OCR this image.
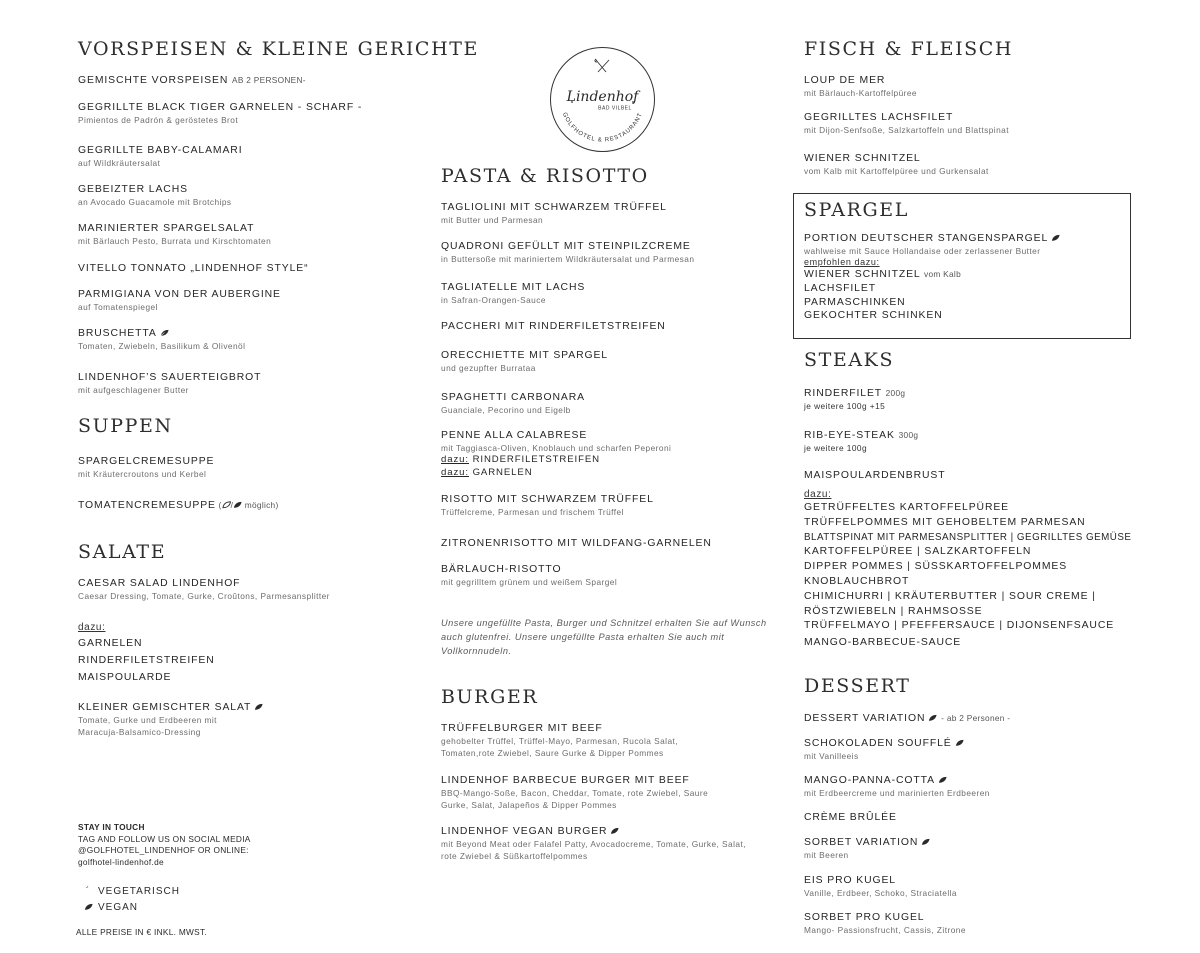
VORSPEISEN & KLEINE GERICHTE
GEMISCHTE VORSPEISEN AB 2 PERSONEN-
GEGRILLTE BLACK TIGER GARNELEN - SCHARF -
Pimientos de Padrón & geröstetes Brot
GEGRILLTE BABY-CALAMARI
auf Wildkräutersalat
GEBEIZTER LACHS
an Avocado Guacamole mit Brotchips
MARINIERTER SPARGELSALAT
mit Bärlauch Pesto, Burrata und Kirschtomaten
VITELLO TONNATO „LINDENHOF STYLE“
PARMIGIANA VON DER AUBERGINE
auf Tomatenspiegel
BRUSCHETTA
Tomaten, Zwiebeln, Basilikum & Olivenöl
LINDENHOF’S SAUERTEIGBROT
mit aufgeschlagener Butter
SUPPEN
SPARGELCREMESUPPE
mit Kräutercroutons und Kerbel
TOMATENCREMESUPPE ( / möglich)
SALATE
CAESAR SALAD LINDENHOF
Caesar Dressing, Tomate, Gurke, Croûtons, Parmesansplitter
dazu:
GARNELEN
RINDERFILETSTREIFEN
MAISPOULARDE
KLEINER GEMISCHTER SALAT
Tomate, Gurke und Erdbeeren mit Maracuja-Balsamico-Dressing
STAY IN TOUCH
TAG AND FOLLOW US ON SOCIAL MEDIA
@GOLFHOTEL_LINDENHOF OR ONLINE:
golfhotel-lindenhof.de
´ VEGETARISCH
VEGAN
ALLE PREISE IN € INKL. MWST.
Lindenhof
BAD VILBEL
GOLFHOTEL & RESTAURANT
PASTA & RISOTTO
TAGLIOLINI MIT SCHWARZEM TRÜFFEL
mit Butter und Parmesan
QUADRONI GEFÜLLT MIT STEINPILZCREME
in Buttersoße mit mariniertem Wildkräutersalat und Parmesan
TAGLIATELLE MIT LACHS
in Safran-Orangen-Sauce
PACCHERI MIT RINDERFILETSTREIFEN
ORECCHIETTE MIT SPARGEL
und gezupfter Burrataa
SPAGHETTI CARBONARA
Guanciale, Pecorino und Eigelb
PENNE ALLA CALABRESE
mit Taggiasca-Oliven, Knoblauch und scharfen Peperoni
dazu: RINDERFILETSTREIFEN
dazu: GARNELEN
RISOTTO MIT SCHWARZEM TRÜFFEL
Trüffelcreme, Parmesan und frischem Trüffel
ZITRONENRISOTTO MIT WILDFANG-GARNELEN
BÄRLAUCH-RISOTTO
mit gegrilltem grünem und weißem Spargel
Unsere ungefüllte Pasta, Burger und Schnitzel erhalten Sie auf Wunsch auch glutenfrei. Unsere ungefüllte Pasta erhalten Sie auch mit Vollkornnudeln.
BURGER
TRÜFFELBURGER MIT BEEF
gehobelter Trüffel, Trüffel-Mayo, Parmesan, Rucola Salat, Tomaten,rote Zwiebel, Saure Gurke & Dipper Pommes
LINDENHOF BARBECUE BURGER MIT BEEF
BBQ-Mango-Soße, Bacon, Cheddar, Tomate, rote Zwiebel, Saure Gurke, Salat, Jalapeños & Dipper Pommes
LINDENHOF VEGAN BURGER
mit Beyond Meat oder Falafel Patty, Avocadocreme, Tomate, Gurke, Salat, rote Zwiebel & Süßkartoffelpommes
FISCH & FLEISCH
LOUP DE MER
mit Bärlauch-Kartoffelpüree
GEGRILLTES LACHSFILET
mit Dijon-Senfsoße, Salzkartoffeln und Blattspinat
WIENER SCHNITZEL
vom Kalb mit Kartoffelpüree und Gurkensalat
SPARGEL
PORTION DEUTSCHER STANGENSPARGEL
wahlweise mit Sauce Hollandaise oder zerlassener Butter
empfohlen dazu:
WIENER SCHNITZEL vom Kalb
LACHSFILET
PARMASCHINKEN
GEKOCHTER SCHINKEN
STEAKS
RINDERFILET 200g
je weitere 100g +15
RIB-EYE-STEAK 300g
je weitere 100g
MAISPOULARDENBRUST
dazu:
GETRÜFFELTES KARTOFFELPÜREE
TRÜFFELPOMMES MIT GEHOBELTEM PARMESAN
BLATTSPINAT MIT PARMESANSPLITTER | GEGRILLTES GEMÜSE
KARTOFFELPÜREE | SALZKARTOFFELN
DIPPER POMMES | SÜSSKARTOFFELPOMMES
KNOBLAUCHBROT
CHIMICHURRI | KRÄUTERBUTTER | SOUR CREME |
RÖSTZWIEBELN | RAHMSOSSE
TRÜFFELMAYO | PFEFFERSAUCE | DIJONSENFSAUCE
MANGO-BARBECUE-SAUCE
DESSERT
DESSERT VARIATION - ab 2 Personen -
SCHOKOLADEN SOUFFLÉ
mit Vanilleeis
MANGO-PANNA-COTTA
mit Erdbeercreme und marinierten Erdbeeren
CRÈME BRÛLÉE
SORBET VARIATION
mit Beeren
EIS PRO KUGEL
Vanille, Erdbeer, Schoko, Straciatella
SORBET PRO KUGEL
Mango- Passionsfrucht, Cassis, Zitrone
